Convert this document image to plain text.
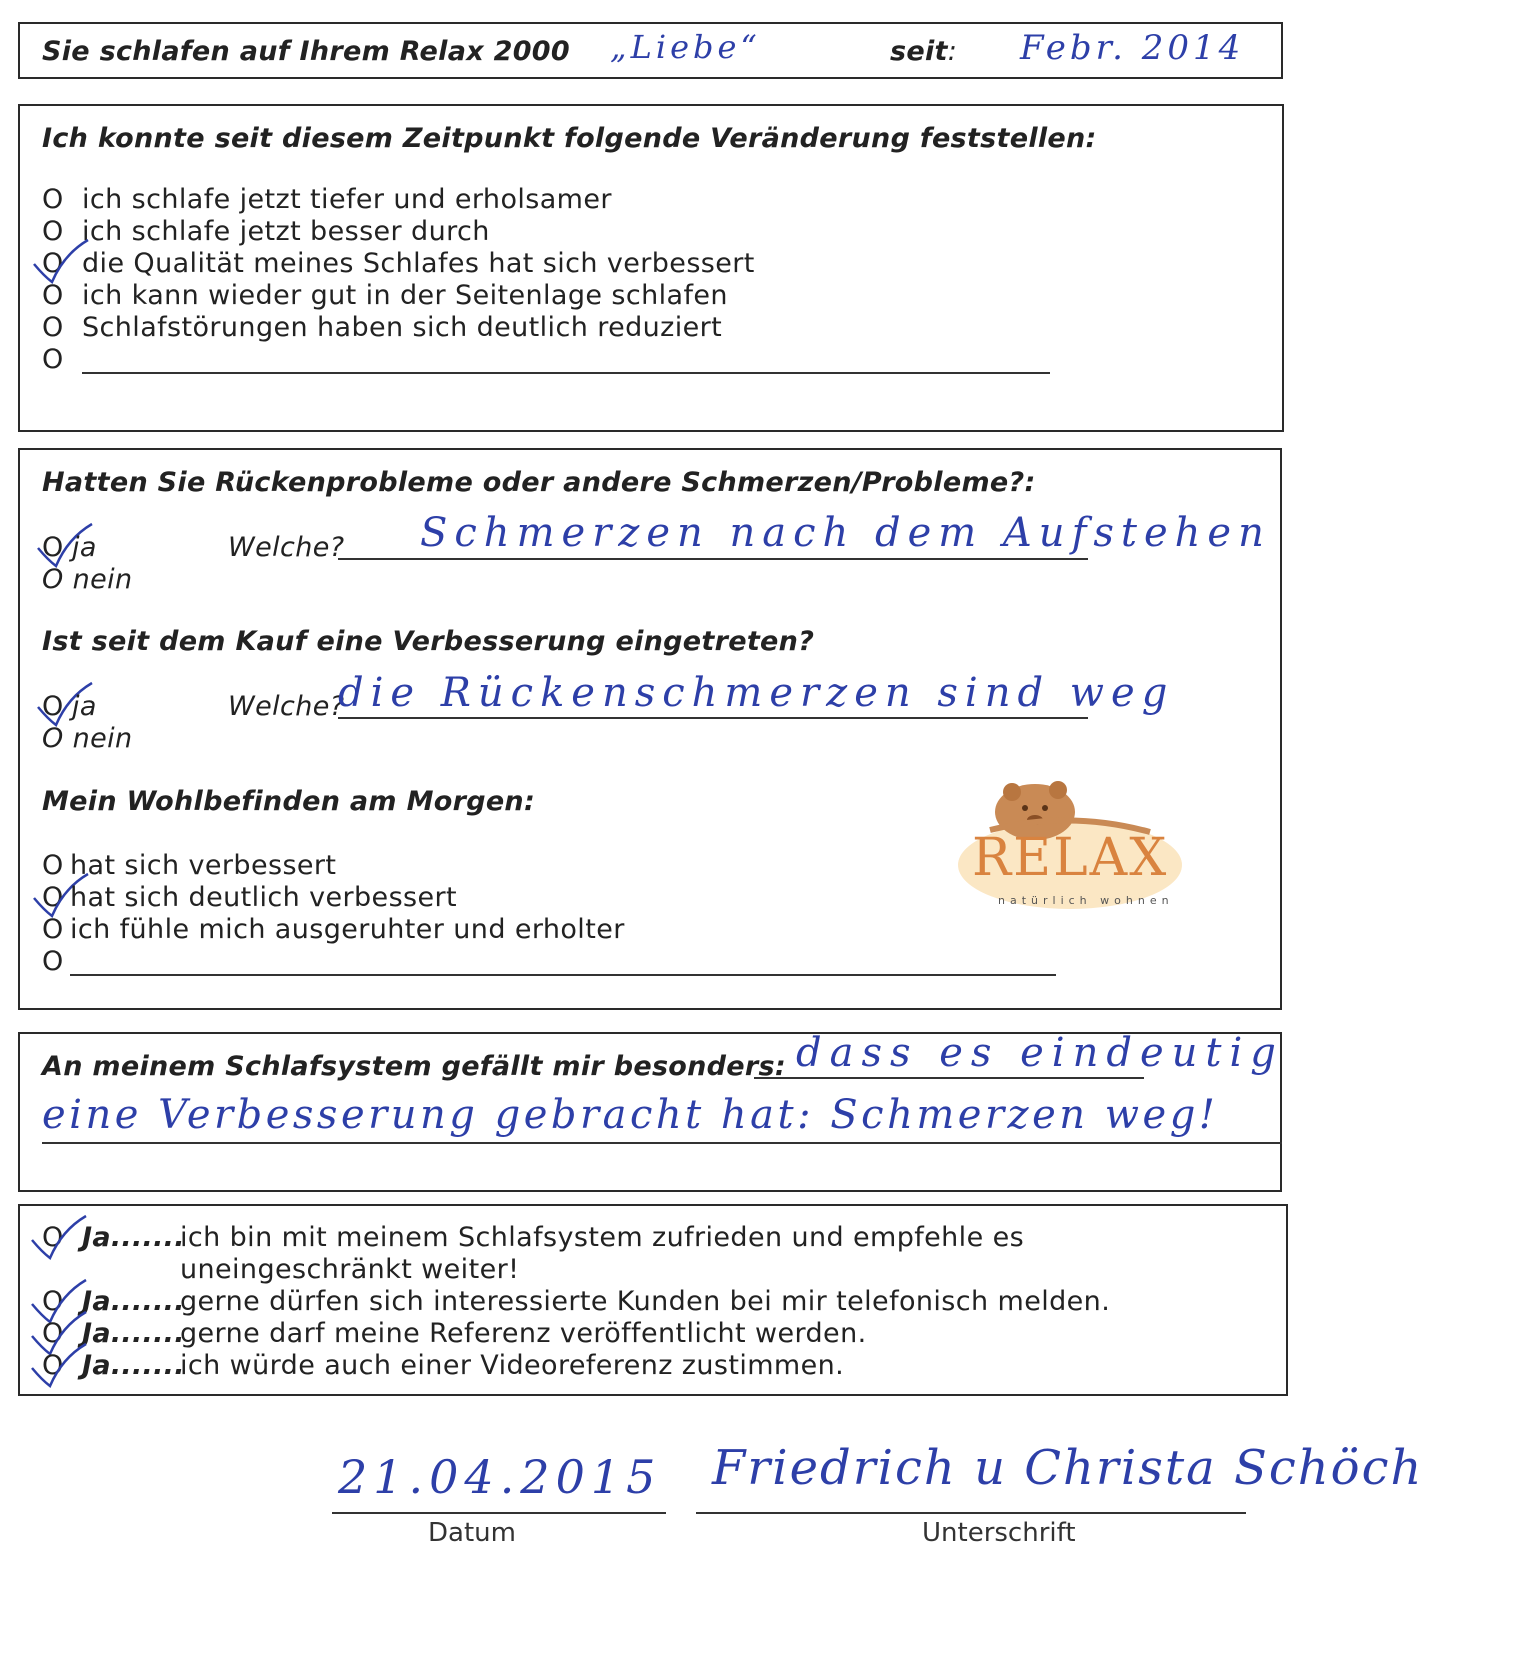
Sie schlafen auf Ihrem Relax 2000 „Liebe“	seit: Febr. 2014
Ich konnte seit diesem Zeitpunkt folgende Veränderung feststellen:
O ich schlafe jetzt tiefer und erholsamer
O ich schlafe jetzt besser durch
O die Qualität meines Schlafes hat sich verbessert
O ich kann wieder gut in der Seitenlage schlafen
O Schlafstörungen haben sich deutlich reduziert
O
Hatten Sie Rückenprobleme oder andere Schmerzen/Probleme?:
O ja
O nein
Welche? Schmerzen nach dem Aufstehen
Ist seit dem Kauf eine Verbesserung eingetreten?
O ja
O nein
Welche?
die Rückenschmerzen sind weg
Mein Wohlbefinden am Morgen:
O hat sich verbessert
O hat sich deutlich verbessert
O ich fühle mich ausgeruhter und erholter
O
RELAX
natürlich wohnen
An meinem Schlafsystem gefällt mir besonders: dass es eindeutig
eine Verbesserung gebracht hat: Schmerzen weg!
O Ja.......
ich bin mit meinem Schlafsystem zufrieden und empfehle es
uneingeschränkt weiter!
O Ja.......
gerne dürfen sich interessierte Kunden bei mir telefonisch melden.
O Ja.......
gerne darf meine Referenz veröffentlicht werden.
O Ja.......
ich würde auch einer Videoreferenz zustimmen.
21.04.2015
Datum
Friedrich u Christa Schöch
Unterschrift
